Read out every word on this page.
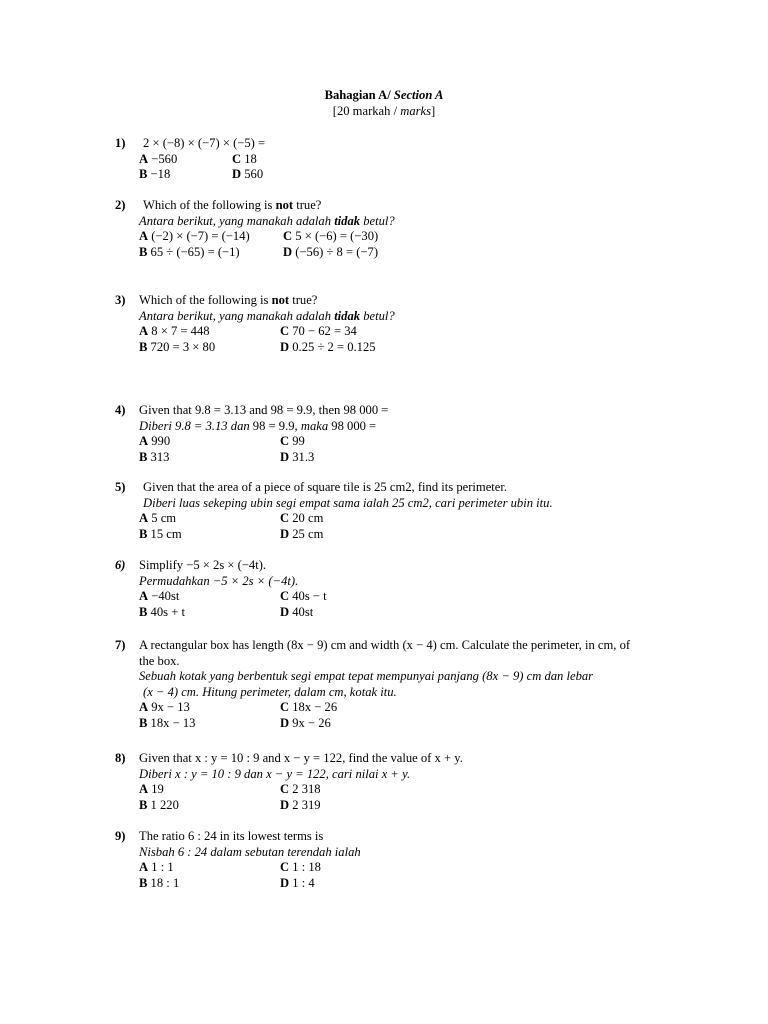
Bahagian A/ Section A
[20 markah / marks]
1)	2 × (−8) × (−7) × (−5) =
A −560	C 18
B −18	D 560
2)	Which of the following is not true?
Antara berikut, yang manakah adalah tidak betul?
A (−2) × (−7) = (−14)	C 5 × (−6) = (−30)
B 65 ÷ (−65) = (−1)	D (−56) ÷ 8 = (−7)
3)	Which of the following is not true?
Antara berikut, yang manakah adalah tidak betul?
A 8 × 7 = 448	C 70 − 62 = 34
B 720 = 3 × 80	D 0.25 ÷ 2 = 0.125
4)	Given that 9.8 = 3.13 and 98 = 9.9, then 98 000 =
Diberi 9.8 = 3.13 dan 98 = 9.9, maka 98 000 =
A 990	C 99
B 313	D 31.3
5)	Given that the area of a piece of square tile is 25 cm2, find its perimeter.
Diberi luas sekeping ubin segi empat sama ialah 25 cm2, cari perimeter ubin itu.
A 5 cm	C 20 cm
B 15 cm	D 25 cm
6)	Simplify −5 × 2s × (−4t).
Permudahkan −5 × 2s × (−4t).
A −40st	C 40s − t
B 40s + t	D 40st
7)	A rectangular box has length (8x − 9) cm and width (x − 4) cm. Calculate the perimeter, in cm, of
the box.
Sebuah kotak yang berbentuk segi empat tepat mempunyai panjang (8x − 9) cm dan lebar
(x − 4) cm. Hitung perimeter, dalam cm, kotak itu.
A 9x − 13	C 18x − 26
B 18x − 13	D 9x − 26
8)	Given that x : y = 10 : 9 and x − y = 122, find the value of x + y.
Diberi x : y = 10 : 9 dan x − y = 122, cari nilai x + y.
A 19	C 2 318
B 1 220	D 2 319
9)	The ratio 6 : 24 in its lowest terms is
Nisbah 6 : 24 dalam sebutan terendah ialah
A 1 : 1	C 1 : 18
B 18 : 1	D 1 : 4
